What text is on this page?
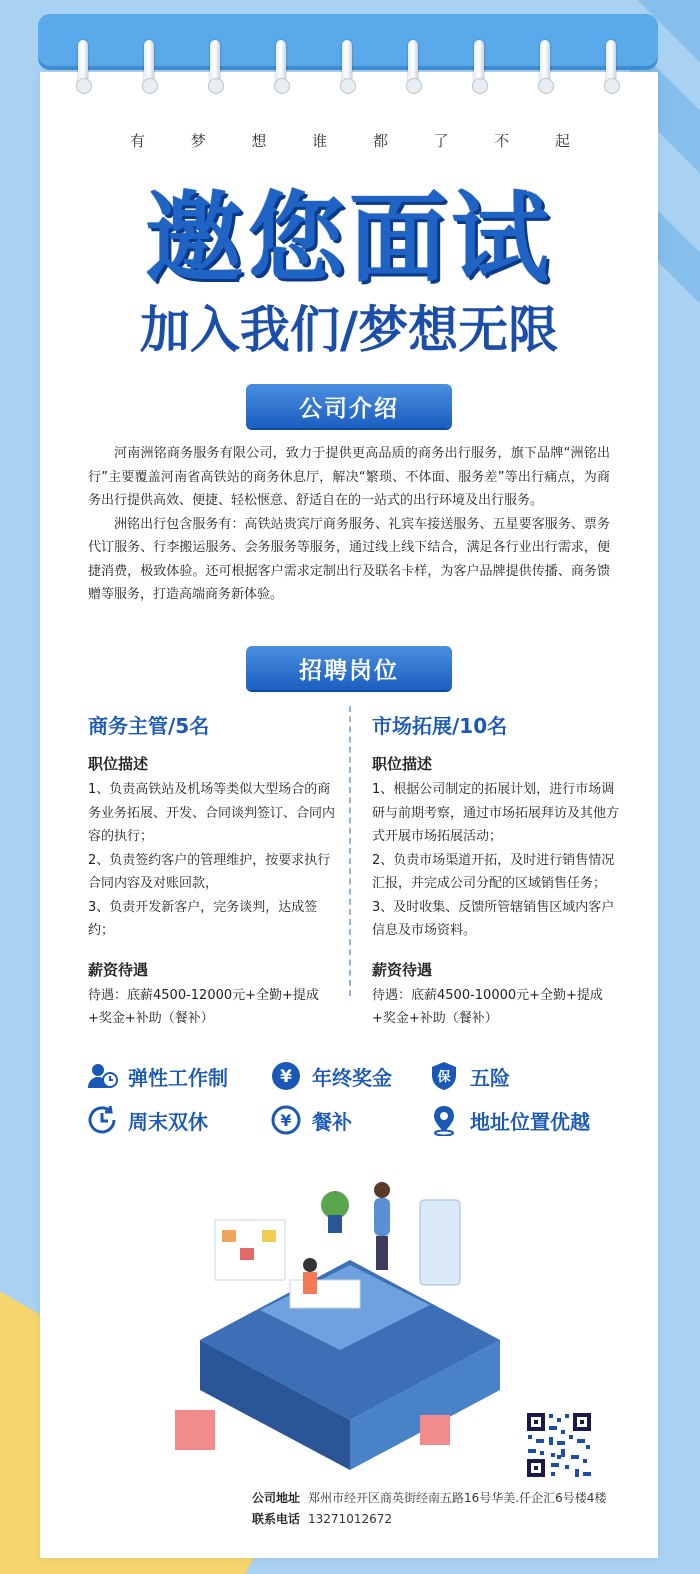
有	梦	想	谁	都	了	不	起
邀您面试
加入我们/梦想无限
公司介绍

河南洲铭商务服务有限公司，致力于提供更高品质的商务出行服务，旗下品牌“洲铭出行”主要覆盖河南省高铁站的商务休息厅，解决“繁琐、不体面、服务差”等出行痛点，为商务出行提供高效、便捷、轻松惬意、舒适自在的一站式的出行环境及出行服务。

洲铭出行包含服务有：高铁站贵宾厅商务服务、礼宾车接送服务、五星要客服务、票务代订服务、行李搬运服务、会务服务等服务，通过线上线下结合，满足各行业出行需求，便捷消费，极致体验。还可根据客户需求定制出行及联名卡样，为客户品牌提供传播、商务馈赠等服务，打造高端商务新体验。

招聘岗位
商务主管/5名
职位描述
1、负责高铁站及机场等类似大型场合的商务业务拓展、开发、合同谈判签订、合同内容的执行；
2、负责签约客户的管理维护，按要求执行合同内容及对账回款，
3、负责开发新客户，完务谈判，达成签约；
薪资待遇
待遇：底薪4500-12000元+全勤+提成+奖金+补助（餐补）
市场拓展/10名
职位描述
1、根据公司制定的拓展计划，进行市场调研与前期考察，通过市场拓展拜访及其他方式开展市场拓展活动；
2、负责市场渠道开拓，及时进行销售情况汇报，并完成公司分配的区域销售任务；
3、及时收集、反馈所管辖销售区域内客户信息及市场资料。
薪资待遇
待遇：底薪4500-10000元+全勤+提成+奖金+补助（餐补）
弹性工作制	¥ 年终奖金	保 五险
周末双休	¥ 餐补	地址位置优越
公司地址 郑州市经开区商英街经南五路16号华美.仟企汇6号楼4楼
联系电话 13271012672
